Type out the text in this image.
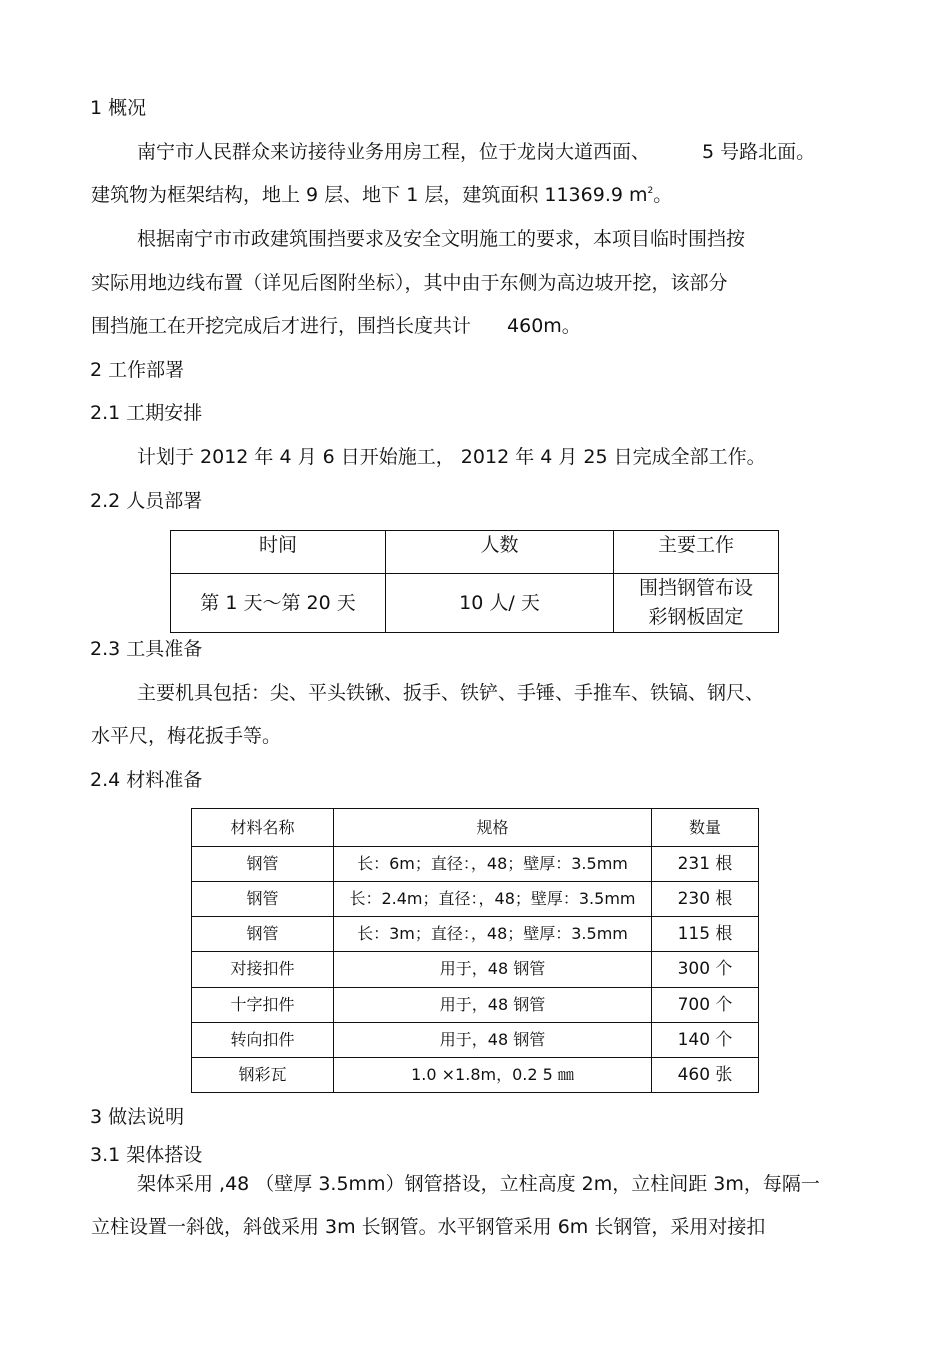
1 概况
南宁市人民群众来访接待业务用房工程，位于龙岗大道西面、	5 号路北面。
建筑物为框架结构，地上 9 层、地下 1 层，建筑面积 11369.9 $m^2$。
根据南宁市市政建筑围挡要求及安全文明施工的要求，本项目临时围挡按
实际用地边线布置（详见后图附坐标），其中由于东侧为高边坡开挖，该部分
围挡施工在开挖完成后才进行，围挡长度共计 460m。
2 工作部署
2.1 工期安排
计划于 2012 年 4 月 6 日开始施工， 2012 年 4 月 25 日完成全部工作。
2.2 人员部署
时间	人数	主要工作
第 1 天～第 20 天	10 人/ 天	围挡钢管布设
彩钢板固定
2.3 工具准备
主要机具包括：尖、平头铁锹、扳手、铁铲、手锤、手推车、铁镐、钢尺、
水平尺，梅花扳手等。
2.4 材料准备
材料名称	规格	数量
钢管	长：6m；直径：，48；壁厚：3.5mm	231 根
钢管	长：2.4m；直径：，48；壁厚：3.5mm	230 根
钢管	长：3m；直径：，48；壁厚：3.5mm	115 根
对接扣件	用于，48 钢管	300 个
十字扣件	用于，48 钢管	700 个
转向扣件	用于，48 钢管	140 个
钢彩瓦	1.0 ×1.8m，0.2 5 ㎜	460 张
3 做法说明
3.1 架体搭设
架体采用 ,48 （壁厚 3.5mm）钢管搭设，立柱高度 2m，立柱间距 3m，每隔一
立柱设置一斜戗，斜戗采用 3m 长钢管。水平钢管采用 6m 长钢管，采用对接扣
